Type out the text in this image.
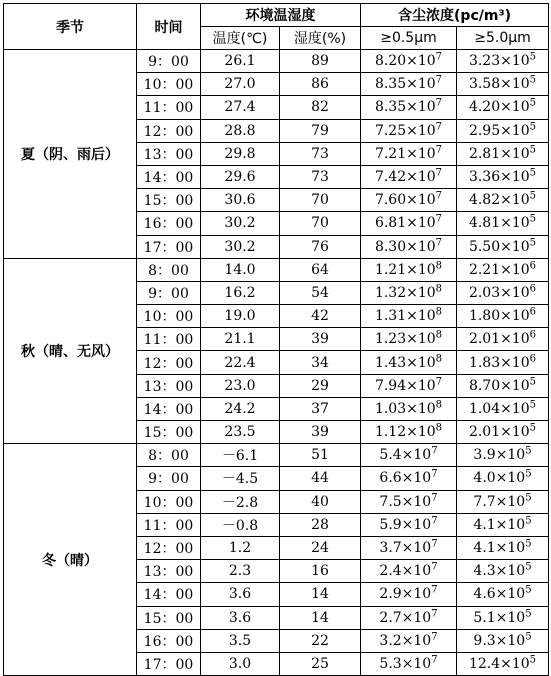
季节	时间	环境温湿度		含尘浓度(pc/m³)	
		温度(℃)	湿度(%)	≥0.5μm	≥5.0μm
夏（阴、雨后）	9：00	26.1	89	$8.20\times 10^7$	$3.23\times 10^5$
	10：00	27.0	86	$8.35\times 10^7$	$3.58\times 10^5$
	11：00	27.4	82	$8.35\times 10^7$	$4.20\times 10^5$
	12：00	28.8	79	$7.25\times 10^7$	$2.95\times 10^5$
	13：00	29.8	73	$7.21\times 10^7$	$2.81\times 10^5$
	14：00	29.6	73	$7.42\times 10^7$	$3.36\times 10^5$
	15：00	30.6	70	$7.60\times 10^7$	$4.82\times 10^5$
	16：00	30.2	70	$6.81\times 10^7$	$4.81\times 10^5$
	17：00	30.2	76	$8.30\times 10^7$	$5.50\times 10^5$
秋（晴、无风）	8：00	14.0	64	$1.21\times 10^8$	$2.21\times 10^6$
	9：00	16.2	54	$1.32\times 10^8$	$2.03\times 10^6$
	10：00	19.0	42	$1.31\times 10^8$	$1.80\times 10^6$
	11：00	21.1	39	$1.23\times 10^8$	$2.01\times 10^6$
	12：00	22.4	34	$1.43\times 10^8$	$1.83\times 10^6$
	13：00	23.0	29	$7.94\times 10^7$	$8.70\times 10^5$
	14：00	24.2	37	$1.03\times 10^8$	$1.04\times 10^5$
	15：00	23.5	39	$1.12\times 10^8$	$2.01\times 10^5$
冬（晴）	8：00	－6.1	51	$5.4\times 10^7$	$3.9\times 10^5$
	9：00	－4.5	44	$6.6\times 10^7$	$4.0\times 10^5$
	10：00	－2.8	40	$7.5\times 10^7$	$7.7\times 10^5$
	11：00	－0.8	28	$5.9\times 10^7$	$4.1\times 10^5$
	12：00	1.2	24	$3.7\times 10^7$	$4.1\times 10^5$
	13：00	2.3	16	$2.4\times 10^7$	$4.3\times 10^5$
	14：00	3.6	14	$2.9\times 10^7$	$4.6\times 10^5$
	15：00	3.6	14	$2.7\times 10^7$	$5.1\times 10^5$
	16：00	3.5	22	$3.2\times 10^7$	$9.3\times 10^5$
	17：00	3.0	25	$5.3\times 10^7$	$12.4\times 10^5$
